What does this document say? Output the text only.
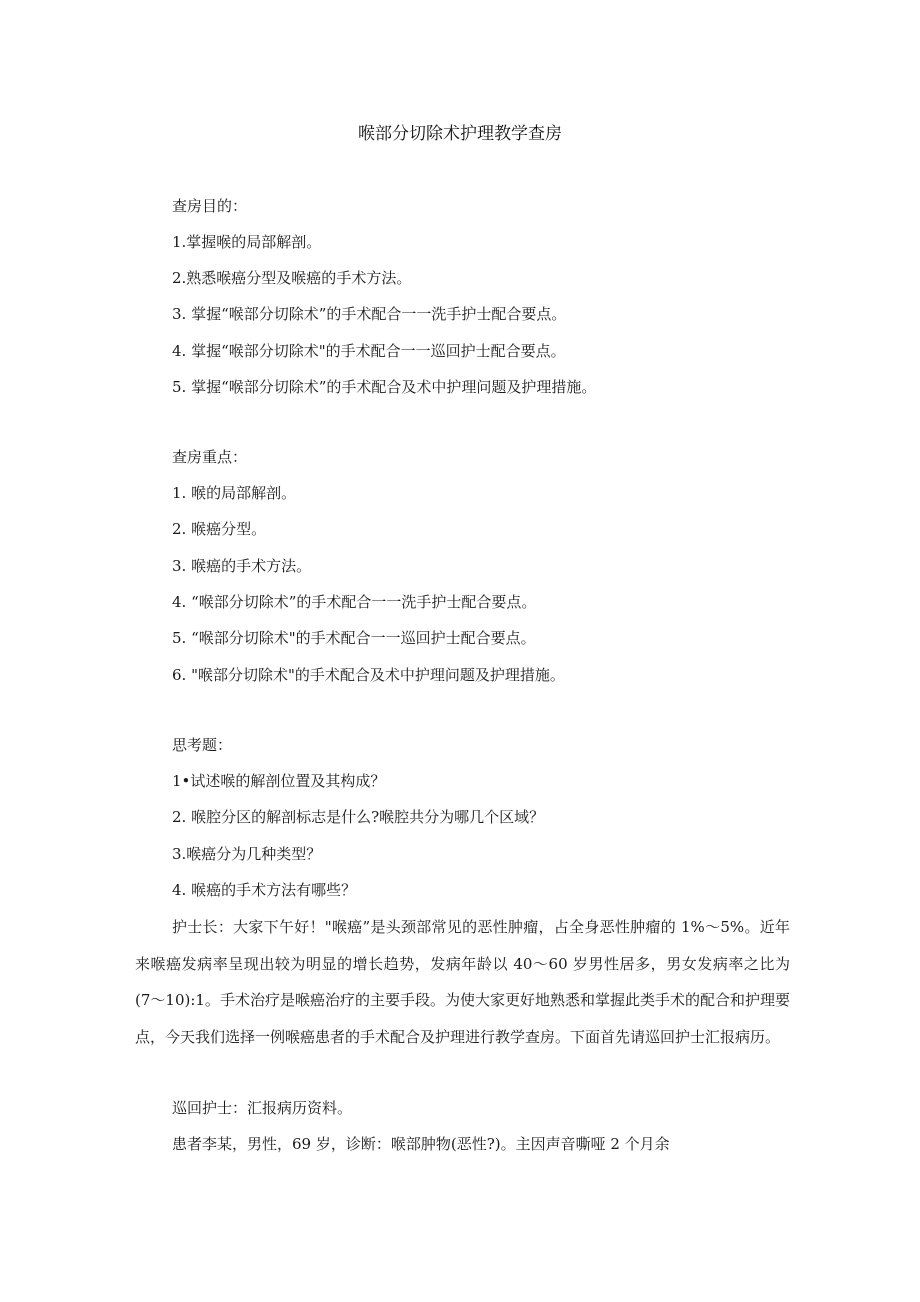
喉部分切除术护理教学查房
查房目的：
1.掌握喉的局部解剖。
2.熟悉喉癌分型及喉癌的手术方法。
3. 掌握“喉部分切除术”的手术配合一一洗手护士配合要点。
4. 掌握“喉部分切除术"的手术配合一一巡回护士配合要点。
5. 掌握“喉部分切除术”的手术配合及术中护理问题及护理措施。
查房重点：
1. 喉的局部解剖。
2. 喉癌分型。
3. 喉癌的手术方法。
4. “喉部分切除术”的手术配合一一洗手护士配合要点。
5. “喉部分切除术"的手术配合一一巡回护士配合要点。
6. "喉部分切除术"的手术配合及术中护理问题及护理措施。
思考题：
1•试述喉的解剖位置及其构成？
2. 喉腔分区的解剖标志是什么?喉腔共分为哪几个区域？
3.喉癌分为几种类型？
4. 喉癌的手术方法有哪些？
护士长：大家下午好！"喉癌”是头颈部常见的恶性肿瘤，占全身恶性肿瘤的 1%〜5%。近年来喉癌发病率呈现出较为明显的增长趋势，发病年龄以 40〜60 岁男性居多，男女发病率之比为(7〜10):1。手术治疗是喉癌治疗的主要手段。为使大家更好地熟悉和掌握此类手术的配合和护理要点，今天我们选择一例喉癌患者的手术配合及护理进行教学查房。下面首先请巡回护士汇报病历。
巡回护士：汇报病历资料。
患者李某，男性，69 岁，诊断：喉部肿物(恶性?)。主因声音嘶哑 2 个月余
